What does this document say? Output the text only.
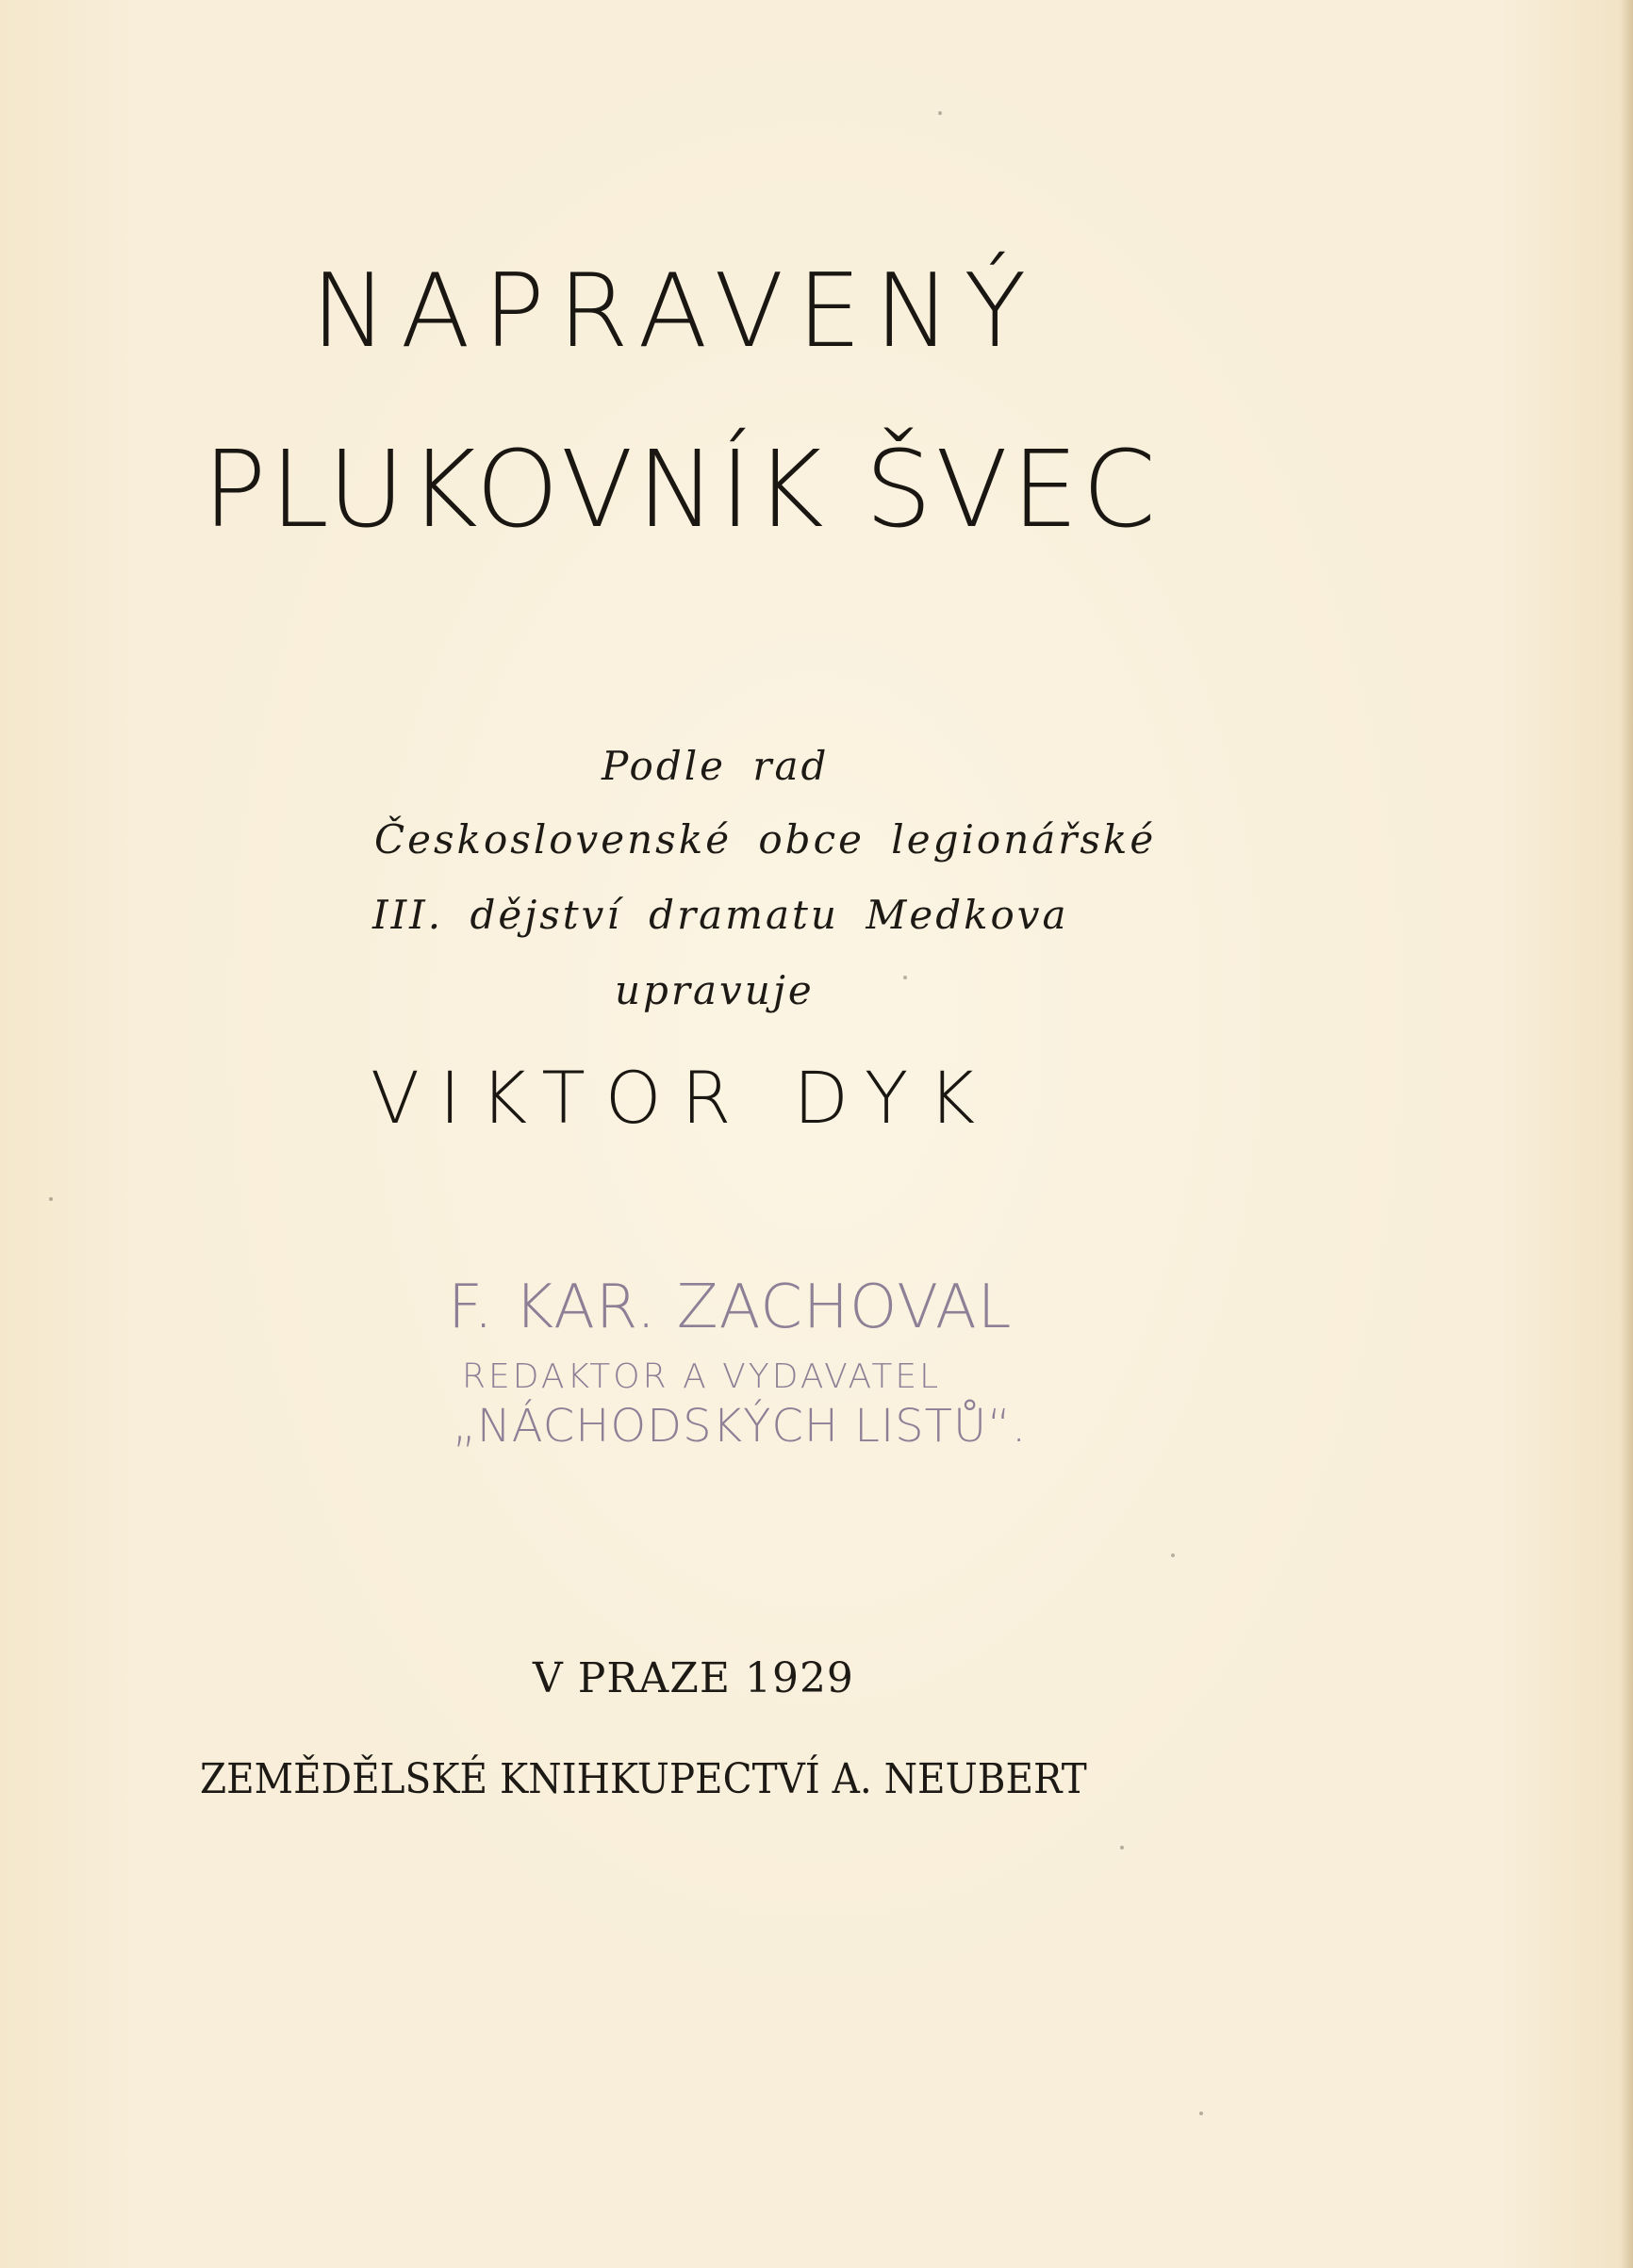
NAPRAVENÝ
PLUKOVNÍK ŠVEC
Podle rad
Československé obce legionářské
III. dějství dramatu Medkova
upravuje
VIKTOR DYK
F. KAR. ZACHOVAL
REDAKTOR A VYDAVATEL
„NÁCHODSKÝCH LISTŮ“.
V PRAZE 1929
ZEMĚDĚLSKÉ KNIHKUPECTVÍ A. NEUBERT
